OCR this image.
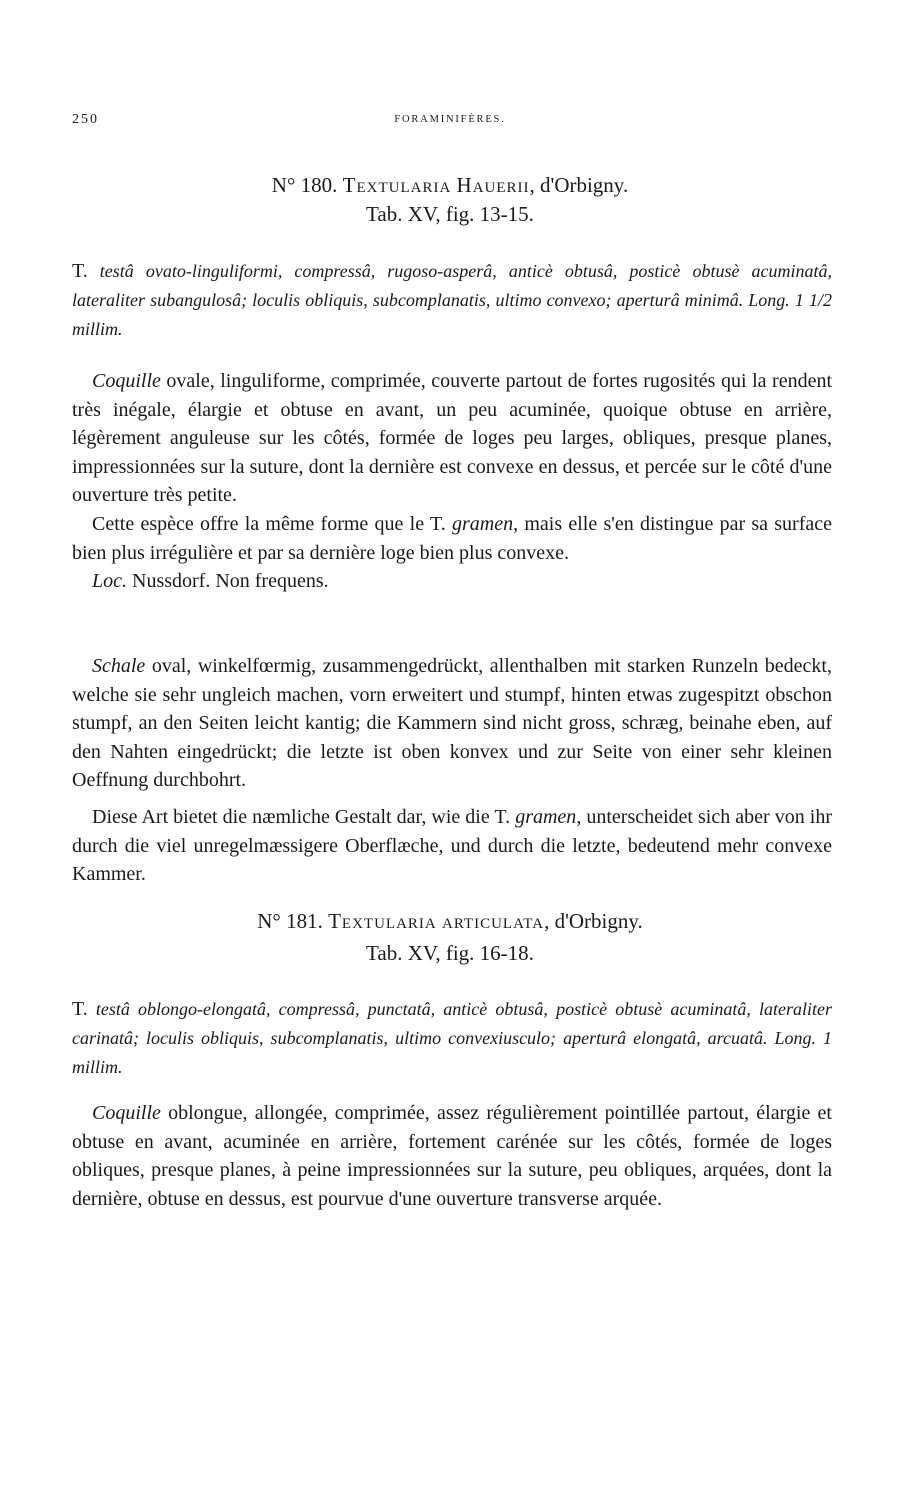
250	FORAMINIFÈRES.
N° 180. Textularia Hauerii, d'Orbigny.
Tab. XV, fig. 13-15.
T. testâ ovato-linguliformi, compressâ, rugoso-asperâ, anticè obtusâ, posticè obtusè acuminatâ, lateraliter subangulosâ; loculis obliquis, subcomplanatis, ultimo convexo; aperturâ minimâ. Long. 1 1/2 millim.

Coquille ovale, linguliforme, comprimée, couverte partout de fortes rugosités qui la rendent très inégale, élargie et obtuse en avant, un peu acuminée, quoique obtuse en arrière, légèrement anguleuse sur les côtés, formée de loges peu larges, obliques, presque planes, impressionnées sur la suture, dont la dernière est convexe en dessus, et percée sur le côté d'une ouverture très petite.

Cette espèce offre la même forme que le T. gramen, mais elle s'en distingue par sa surface bien plus irrégulière et par sa dernière loge bien plus convexe.

Loc. Nussdorf. Non frequens.

Schale oval, winkelfœrmig, zusammengedrückt, allenthalben mit starken Runzeln bedeckt, welche sie sehr ungleich machen, vorn erweitert und stumpf, hinten etwas zugespitzt obschon stumpf, an den Seiten leicht kantig; die Kammern sind nicht gross, schræg, beinahe eben, auf den Nahten eingedrückt; die letzte ist oben konvex und zur Seite von einer sehr kleinen Oeffnung durchbohrt.

Diese Art bietet die næmliche Gestalt dar, wie die T. gramen, unterscheidet sich aber von ihr durch die viel unregelmæssigere Oberflæche, und durch die letzte, bedeutend mehr convexe Kammer.

N° 181. Textularia articulata, d'Orbigny.
Tab. XV, fig. 16-18.
T. testâ oblongo-elongatâ, compressâ, punctatâ, anticè obtusâ, posticè obtusè acuminatâ, lateraliter carinatâ; loculis obliquis, subcomplanatis, ultimo convexiusculo; aperturâ elongatâ, arcuatâ. Long. 1 millim.

Coquille oblongue, allongée, comprimée, assez régulièrement pointillée partout, élargie et obtuse en avant, acuminée en arrière, fortement carénée sur les côtés, formée de loges obliques, presque planes, à peine impressionnées sur la suture, peu obliques, arquées, dont la dernière, obtuse en dessus, est pourvue d'une ouverture transverse arquée.
